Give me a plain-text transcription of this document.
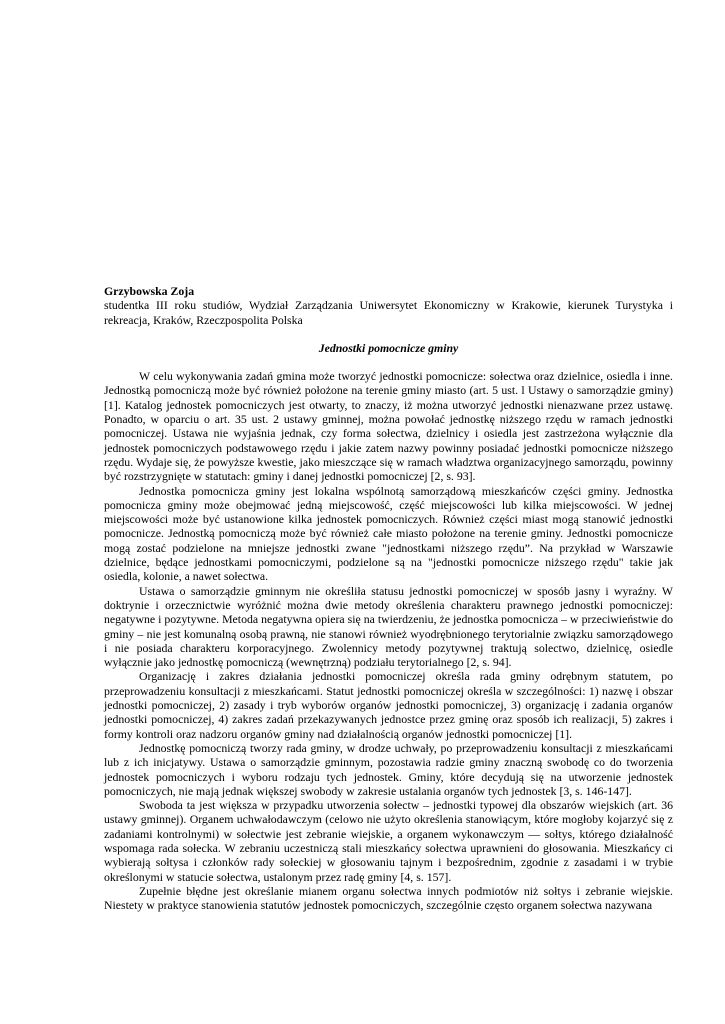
Grzybowska Zoja

studentka III roku studiów, Wydział Zarządzania Uniwersytet Ekonomiczny w Krakowie, kierunek Turystyka i rekreacja, Kraków, Rzeczpospolita Polska

Jednostki pomocnicze gminy

W celu wykonywania zadań gmina może tworzyć jednostki pomocnicze: sołectwa oraz dzielnice, osiedla i inne. Jednostką pomocniczą może być również położone na terenie gminy miasto (art. 5 ust. l Ustawy o samorządzie gminy) [1]. Katalog jednostek pomocniczych jest otwarty, to znaczy, iż można utworzyć jednostki nienazwane przez ustawę. Ponadto, w oparciu o art. 35 ust. 2 ustawy gminnej, można powołać jednostkę niższego rzędu w ramach jednostki pomocniczej. Ustawa nie wyjaśnia jednak, czy forma sołectwa, dzielnicy i osiedla jest zastrzeżona wyłącznie dla jednostek pomocniczych podstawowego rzędu i jakie zatem nazwy powinny posiadać jednostki pomocnicze niższego rzędu. Wydaje się, że powyższe kwestie, jako mieszczące się w ramach władztwa organizacyjnego samorządu, powinny być rozstrzygnięte w statutach: gminy i danej jednostki pomocniczej [2, s. 93].

Jednostka pomocnicza gminy jest lokalna wspólnotą samorządową mieszkańców części gminy. Jednostka pomocnicza gminy może obejmować jedną miejscowość, część miejscowości lub kilka miejscowości. W jednej miejscowości może być ustanowione kilka jednostek pomocniczych. Również części miast mogą stanowić jednostki pomocnicze. Jednostką pomocniczą może być również całe miasto położone na terenie gminy. Jednostki pomocnicze mogą zostać podzielone na mniejsze jednostki zwane "jednostkami niższego rzędu”. Na przykład w Warszawie dzielnice, będące jednostkami pomocniczymi, podzielone są na "jednostki pomocnicze niższego rzędu" takie jak osiedla, kolonie, a nawet sołectwa.

Ustawa o samorządzie gminnym nie określiła statusu jednostki pomocniczej w sposób jasny i wyraźny. W doktrynie i orzecznictwie wyróżnić można dwie metody określenia charakteru prawnego jednostki pomocniczej: negatywne i pozytywne. Metoda negatywna opiera się na twierdzeniu, że jednostka pomocnicza – w przeciwieństwie do gminy – nie jest komunalną osobą prawną, nie stanowi również wyodrębnionego terytorialnie związku samorządowego i nie posiada charakteru korporacyjnego. Zwolennicy metody pozytywnej traktują solectwo, dzielnicę, osiedle wyłącznie jako jednostkę pomocniczą (wewnętrzną) podziału terytorialnego [2, s. 94].

Organizację i zakres działania jednostki pomocniczej określa rada gminy odrębnym statutem, po przeprowadzeniu konsultacji z mieszkańcami. Statut jednostki pomocniczej określa w szczególności: 1) nazwę i obszar jednostki pomocniczej, 2) zasady i tryb wyborów organów jednostki pomocniczej, 3) organizację i zadania organów jednostki pomocniczej, 4) zakres zadań przekazywanych jednostce przez gminę oraz sposób ich realizacji, 5) zakres i formy kontroli oraz nadzoru organów gminy nad działalnością organów jednostki pomocniczej [1].

Jednostkę pomocniczą tworzy rada gminy, w drodze uchwały, po przeprowadzeniu konsultacji z mieszkańcami lub z ich inicjatywy. Ustawa o samorządzie gminnym, pozostawia radzie gminy znaczną swobodę co do tworzenia jednostek pomocniczych i wyboru rodzaju tych jednostek. Gminy, które decydują się na utworzenie jednostek pomocniczych, nie mają jednak większej swobody w zakresie ustalania organów tych jednostek [3, s. 146-147].

Swoboda ta jest większa w przypadku utworzenia sołectw – jednostki typowej dla obszarów wiejskich (art. 36 ustawy gminnej). Organem uchwałodawczym (celowo nie użyto określenia stanowiącym, które mogłoby kojarzyć się z zadaniami kontrolnymi) w sołectwie jest zebranie wiejskie, a organem wykonawczym — sołtys, którego działalność wspomaga rada sołecka. W zebraniu uczestniczą stali mieszkańcy sołectwa uprawnieni do głosowania. Mieszkańcy ci wybierają sołtysa i członków rady sołeckiej w głosowaniu tajnym i bezpośrednim, zgodnie z zasadami i w trybie określonymi w statucie sołectwa, ustalonym przez radę gminy [4, s. 157].

Zupełnie błędne jest określanie mianem organu sołectwa innych podmiotów niż sołtys i zebranie wiejskie. Niestety w praktyce stanowienia statutów jednostek pomocniczych, szczególnie często organem sołectwa nazywana
